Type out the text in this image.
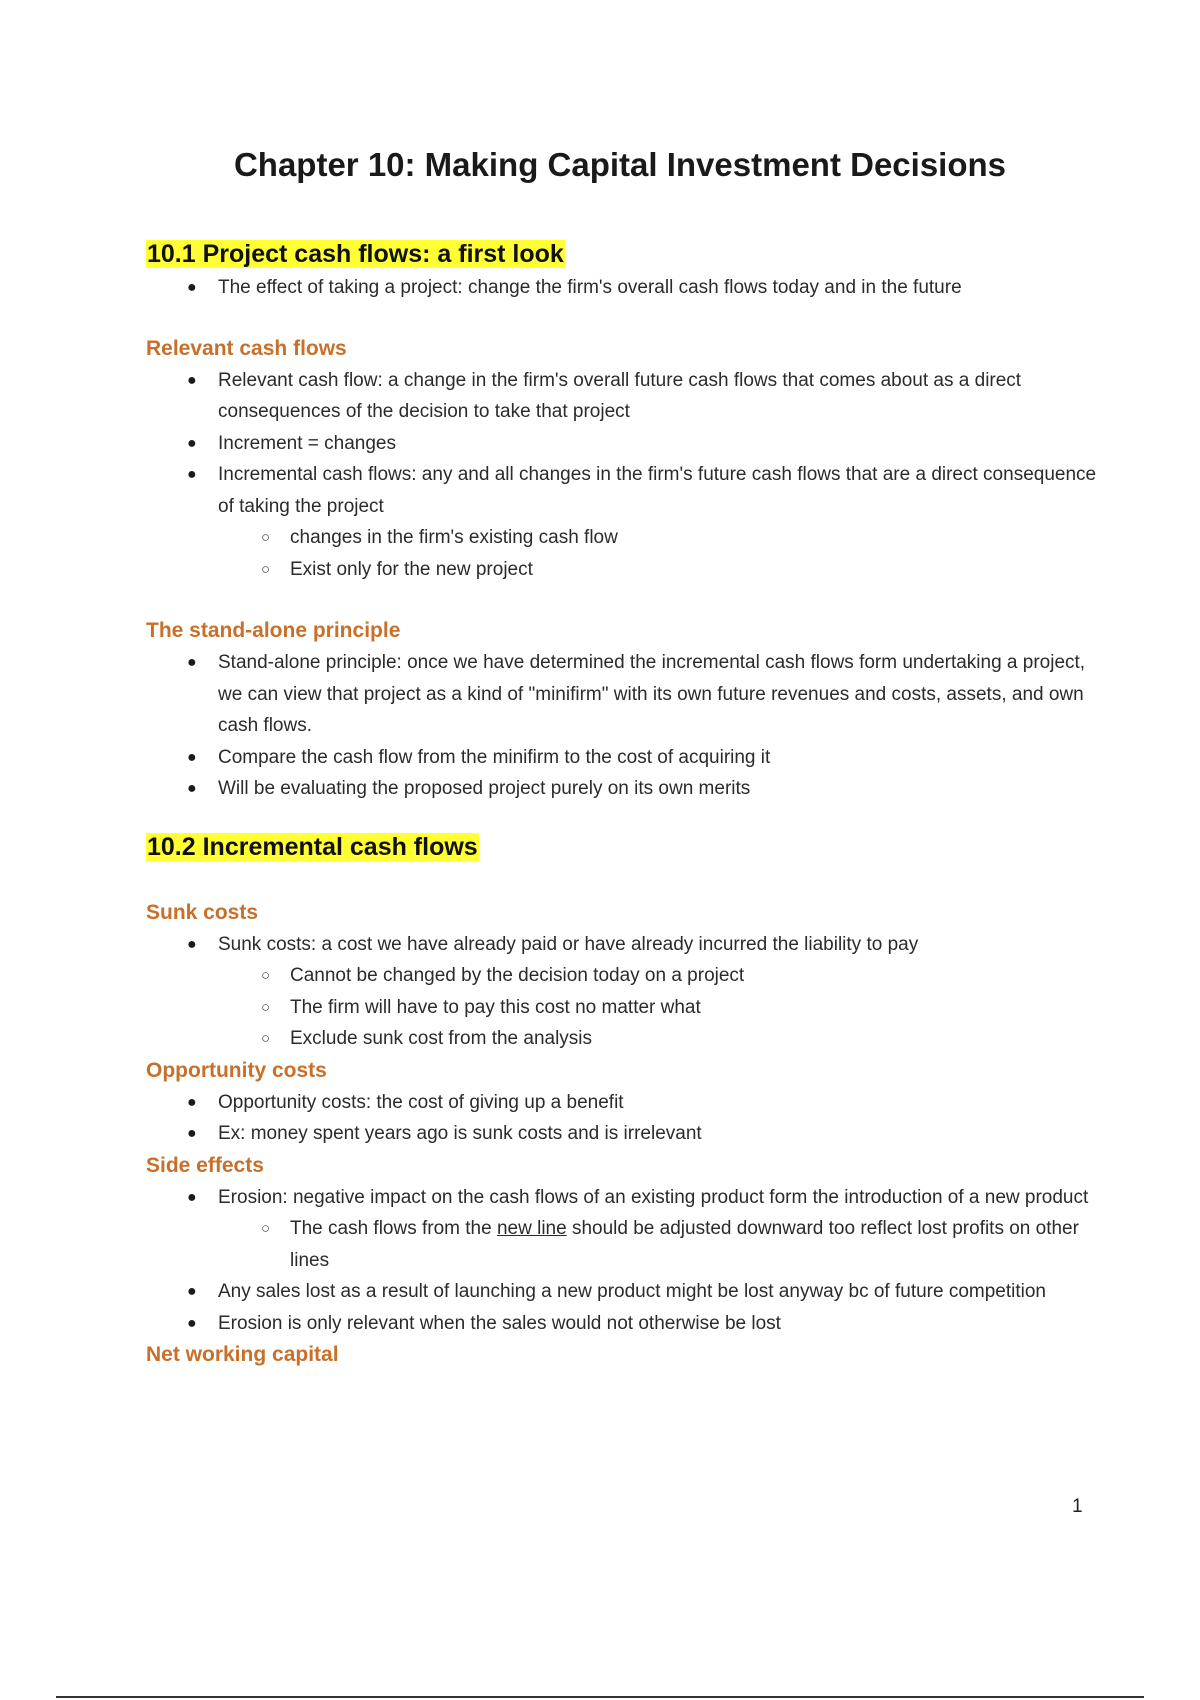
Chapter 10: Making Capital Investment Decisions
10.1 Project cash flows: a first look
● The effect of taking a project: change the firm's overall cash flows today and in the future
Relevant cash flows
● Relevant cash flow: a change in the firm's overall future cash flows that comes about as a direct consequences of the decision to take that project
● Increment = changes
● Incremental cash flows: any and all changes in the firm's future cash flows that are a direct consequence of taking the project
○ changes in the firm's existing cash flow
○ Exist only for the new project
The stand-alone principle
● Stand-alone principle: once we have determined the incremental cash flows form undertaking a project, we can view that project as a kind of "minifirm" with its own future revenues and costs, assets, and own cash flows.
● Compare the cash flow from the minifirm to the cost of acquiring it
● Will be evaluating the proposed project purely on its own merits
10.2 Incremental cash flows
Sunk costs
● Sunk costs: a cost we have already paid or have already incurred the liability to pay
○ Cannot be changed by the decision today on a project
○ The firm will have to pay this cost no matter what
○ Exclude sunk cost from the analysis
Opportunity costs
● Opportunity costs: the cost of giving up a benefit
● Ex: money spent years ago is sunk costs and is irrelevant
Side effects
● Erosion: negative impact on the cash flows of an existing product form the introduction of a new product
○ The cash flows from the new line should be adjusted downward too reflect lost profits on other lines
● Any sales lost as a result of launching a new product might be lost anyway bc of future competition
● Erosion is only relevant when the sales would not otherwise be lost
Net working capital
1
